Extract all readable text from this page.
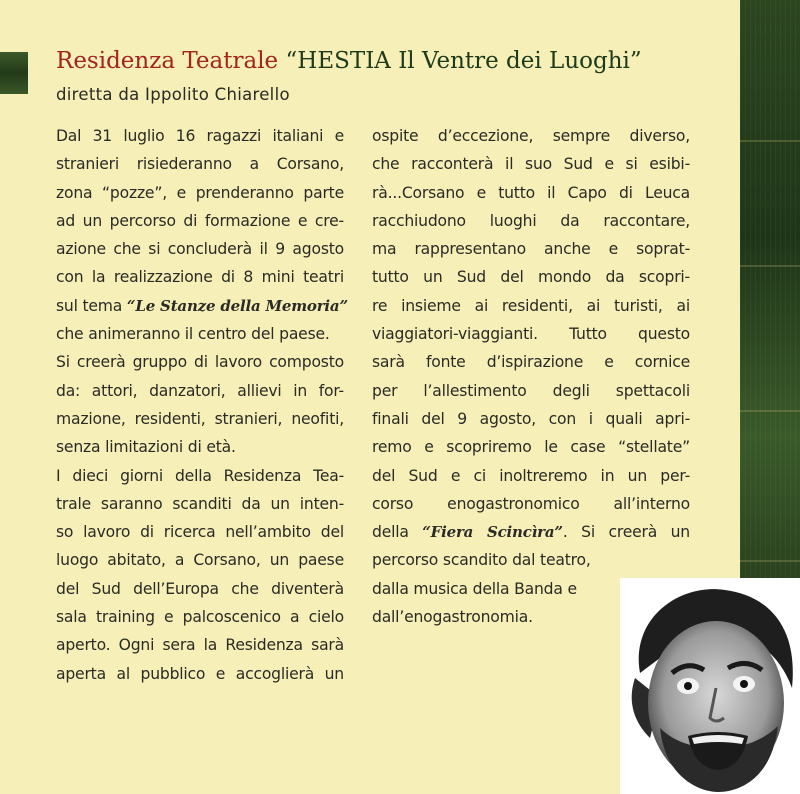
Residenza Teatrale “HESTIA Il Ventre dei Luoghi”
diretta da Ippolito Chiarello
Dal 31 luglio 16 ragazzi italiani e
stranieri risiederanno a Corsano,
zona “pozze”, e prenderanno parte
ad un percorso di formazione e cre-
azione che si concluderà il 9 agosto
con la realizzazione di 8 mini teatri
sul tema “Le Stanze della Memoria”
che animeranno il centro del paese.
Si creerà gruppo di lavoro composto
da: attori, danzatori, allievi in for-
mazione, residenti, stranieri, neofiti,
senza limitazioni di età.
I dieci giorni della Residenza Tea-
trale saranno scanditi da un inten-
so lavoro di ricerca nell’ambito del
luogo abitato, a Corsano, un paese
del Sud dell’Europa che diventerà
sala training e palcoscenico a cielo
aperto. Ogni sera la Residenza sarà
aperta al pubblico e accoglierà un
ospite d’eccezione, sempre diverso,
che racconterà il suo Sud e si esibi-
rà...Corsano e tutto il Capo di Leuca
racchiudono luoghi da raccontare,
ma rappresentano anche e soprat-
tutto un Sud del mondo da scopri-
re insieme ai residenti, ai turisti, ai
viaggiatori-viaggianti. Tutto questo
sarà fonte d’ispirazione e cornice
per l’allestimento degli spettacoli
finali del 9 agosto, con i quali apri-
remo e scopriremo le case “stellate”
del Sud e ci inoltreremo in un per-
corso enogastronomico all’interno
della “Fiera Scincìra”. Si creerà un
percorso scandito dal teatro,
dalla musica della Banda e
dall’enogastronomia.
